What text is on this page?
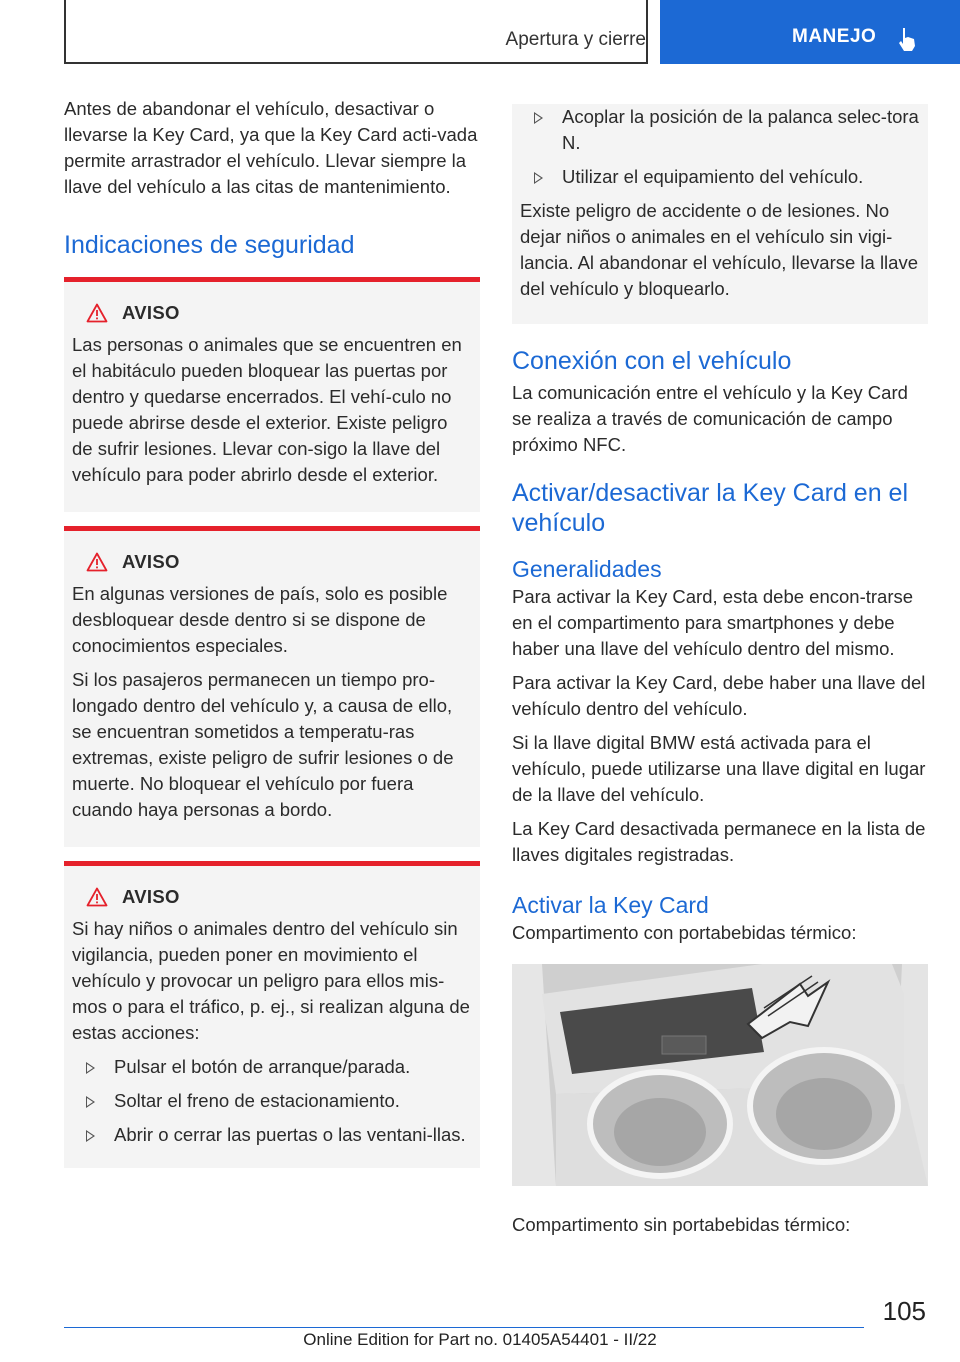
Apertura y cierre	MANEJO

Antes de abandonar el vehículo, desactivar o llevarse la Key Card, ya que la Key Card acti‐vada permite arrastrador el vehículo. Llevar siempre la llave del vehículo a las citas de mantenimiento.

Indicaciones de seguridad
AVISO

Las personas o animales que se encuentren en el habitáculo pueden bloquear las puertas por dentro y quedarse encerrados. El vehí‐culo no puede abrirse desde el exterior. Existe peligro de sufrir lesiones. Llevar con‐sigo la llave del vehículo para poder abrirlo desde el exterior.

AVISO

En algunas versiones de país, solo es posible desbloquear desde dentro si se dispone de conocimientos especiales.

Si los pasajeros permanecen un tiempo pro‐longado dentro del vehículo y, a causa de ello, se encuentran sometidos a temperatu‐ras extremas, existe peligro de sufrir lesiones o de muerte. No bloquear el vehículo por fuera cuando haya personas a bordo.

AVISO

Si hay niños o animales dentro del vehículo sin vigilancia, pueden poner en movimiento el vehículo y provocar un peligro para ellos mis‐mos o para el tráfico, p. ej., si realizan alguna de estas acciones:

Pulsar el botón de arranque/parada.
Soltar el freno de estacionamiento.
Abrir o cerrar las puertas o las ventani‐llas.
Acoplar la posición de la palanca selec‐tora N.
Utilizar el equipamiento del vehículo.

Existe peligro de accidente o de lesiones. No dejar niños o animales en el vehículo sin vigi‐lancia. Al abandonar el vehículo, llevarse la llave del vehículo y bloquearlo.

Conexión con el vehículo

La comunicación entre el vehículo y la Key Card se realiza a través de comunicación de campo próximo NFC.

Activar/desactivar la Key Card en el vehículo
Generalidades

Para activar la Key Card, esta debe encon‐trarse en el compartimento para smartphones y debe haber una llave del vehículo dentro del mismo.

Para activar la Key Card, debe haber una llave del vehículo dentro del vehículo.

Si la llave digital BMW está activada para el vehículo, puede utilizarse una llave digital en lugar de la llave del vehículo.

La Key Card desactivada permanece en la lista de llaves digitales registradas.

Activar la Key Card

Compartimento con portabebidas térmico:

Compartimento sin portabebidas térmico:

105
Online Edition for Part no. 01405A54401 - II/22
